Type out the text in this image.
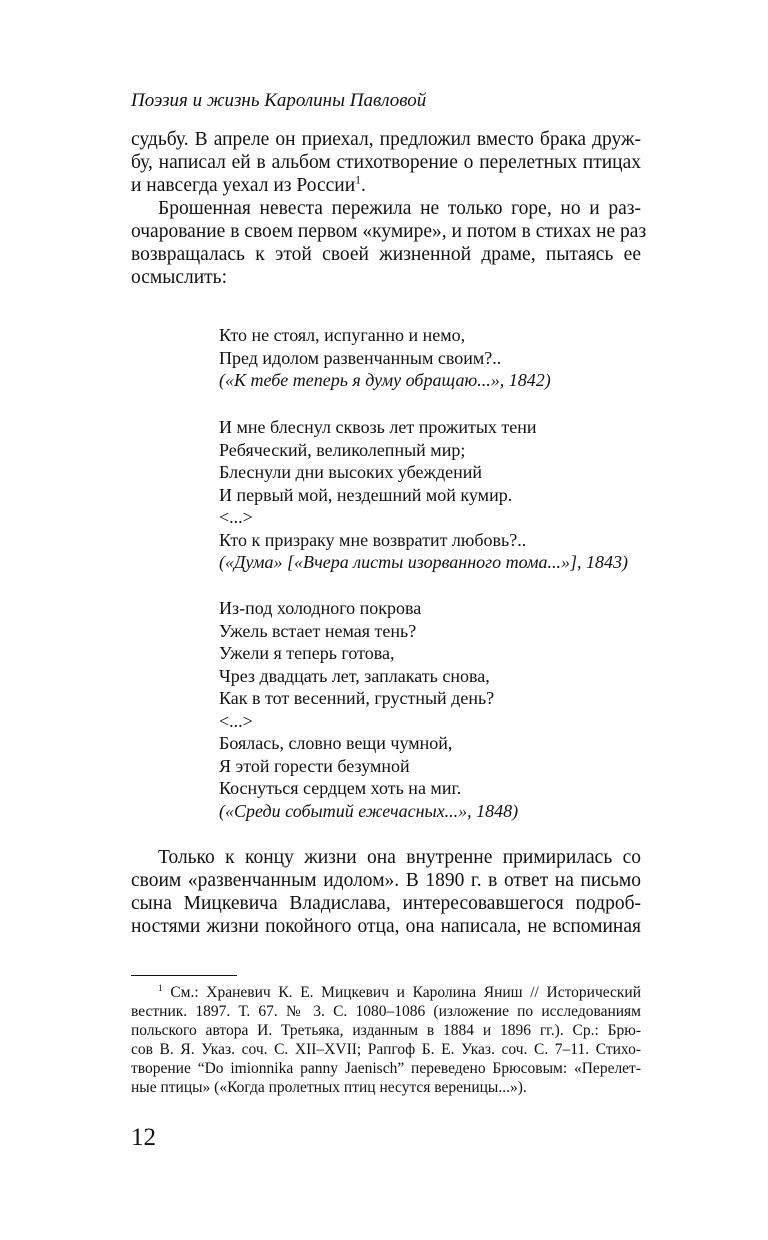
Поэзия и жизнь Каролины Павловой
судьбу. В апреле он приехал, предложил вместо брака друж-
бу, написал ей в альбом стихотворение о перелетных птицах
и навсегда уехал из России$^1$.
Брошенная невеста пережила не только горе, но и раз-
очарование в своем первом «кумире», и потом в стихах не раз
возвращалась к этой своей жизненной драме, пытаясь ее
осмыслить:
Кто не стоял, испуганно и немо,
Пред идолом развенчанным своим?..
(«К тебе теперь я думу обращаю...», 1842)
И мне блеснул сквозь лет прожитых тени
Ребяческий, великолепный мир;
Блеснули дни высоких убеждений
И первый мой, нездешний мой кумир.
<...>
Кто к призраку мне возвратит любовь?..
(«Дума» [«Вчера листы изорванного тома...»], 1843)
Из-под холодного покрова
Ужель встает немая тень?
Ужели я теперь готова,
Чрез двадцать лет, заплакать снова,
Как в тот весенний, грустный день?
<...>
Боялась, словно вещи чумной,
Я этой горести безумной
Коснуться сердцем хоть на миг.
(«Среди событий ежечасных...», 1848)
Только к концу жизни она внутренне примирилась со
своим «развенчанным идолом». В 1890 г. в ответ на письмо
сына Мицкевича Владислава, интересовавшегося подроб-
ностями жизни покойного отца, она написала, не вспоминая
$^1$ См.: Храневич К. Е. Мицкевич и Каролина Яниш // Исторический
вестник. 1897. Т. 67. № 3. С. 1080–1086 (изложение по исследованиям
польского автора И. Третьяка, изданным в 1884 и 1896 гг.). Ср.: Брю-
сов В. Я. Указ. соч. С. XII–XVII; Рапгоф Б. Е. Указ. соч. С. 7–11. Стихо-
творение “Do imionnika panny Jaenisch” переведено Брюсовым: «Перелет-
ные птицы» («Когда пролетных птиц несутся вереницы...»).
12
